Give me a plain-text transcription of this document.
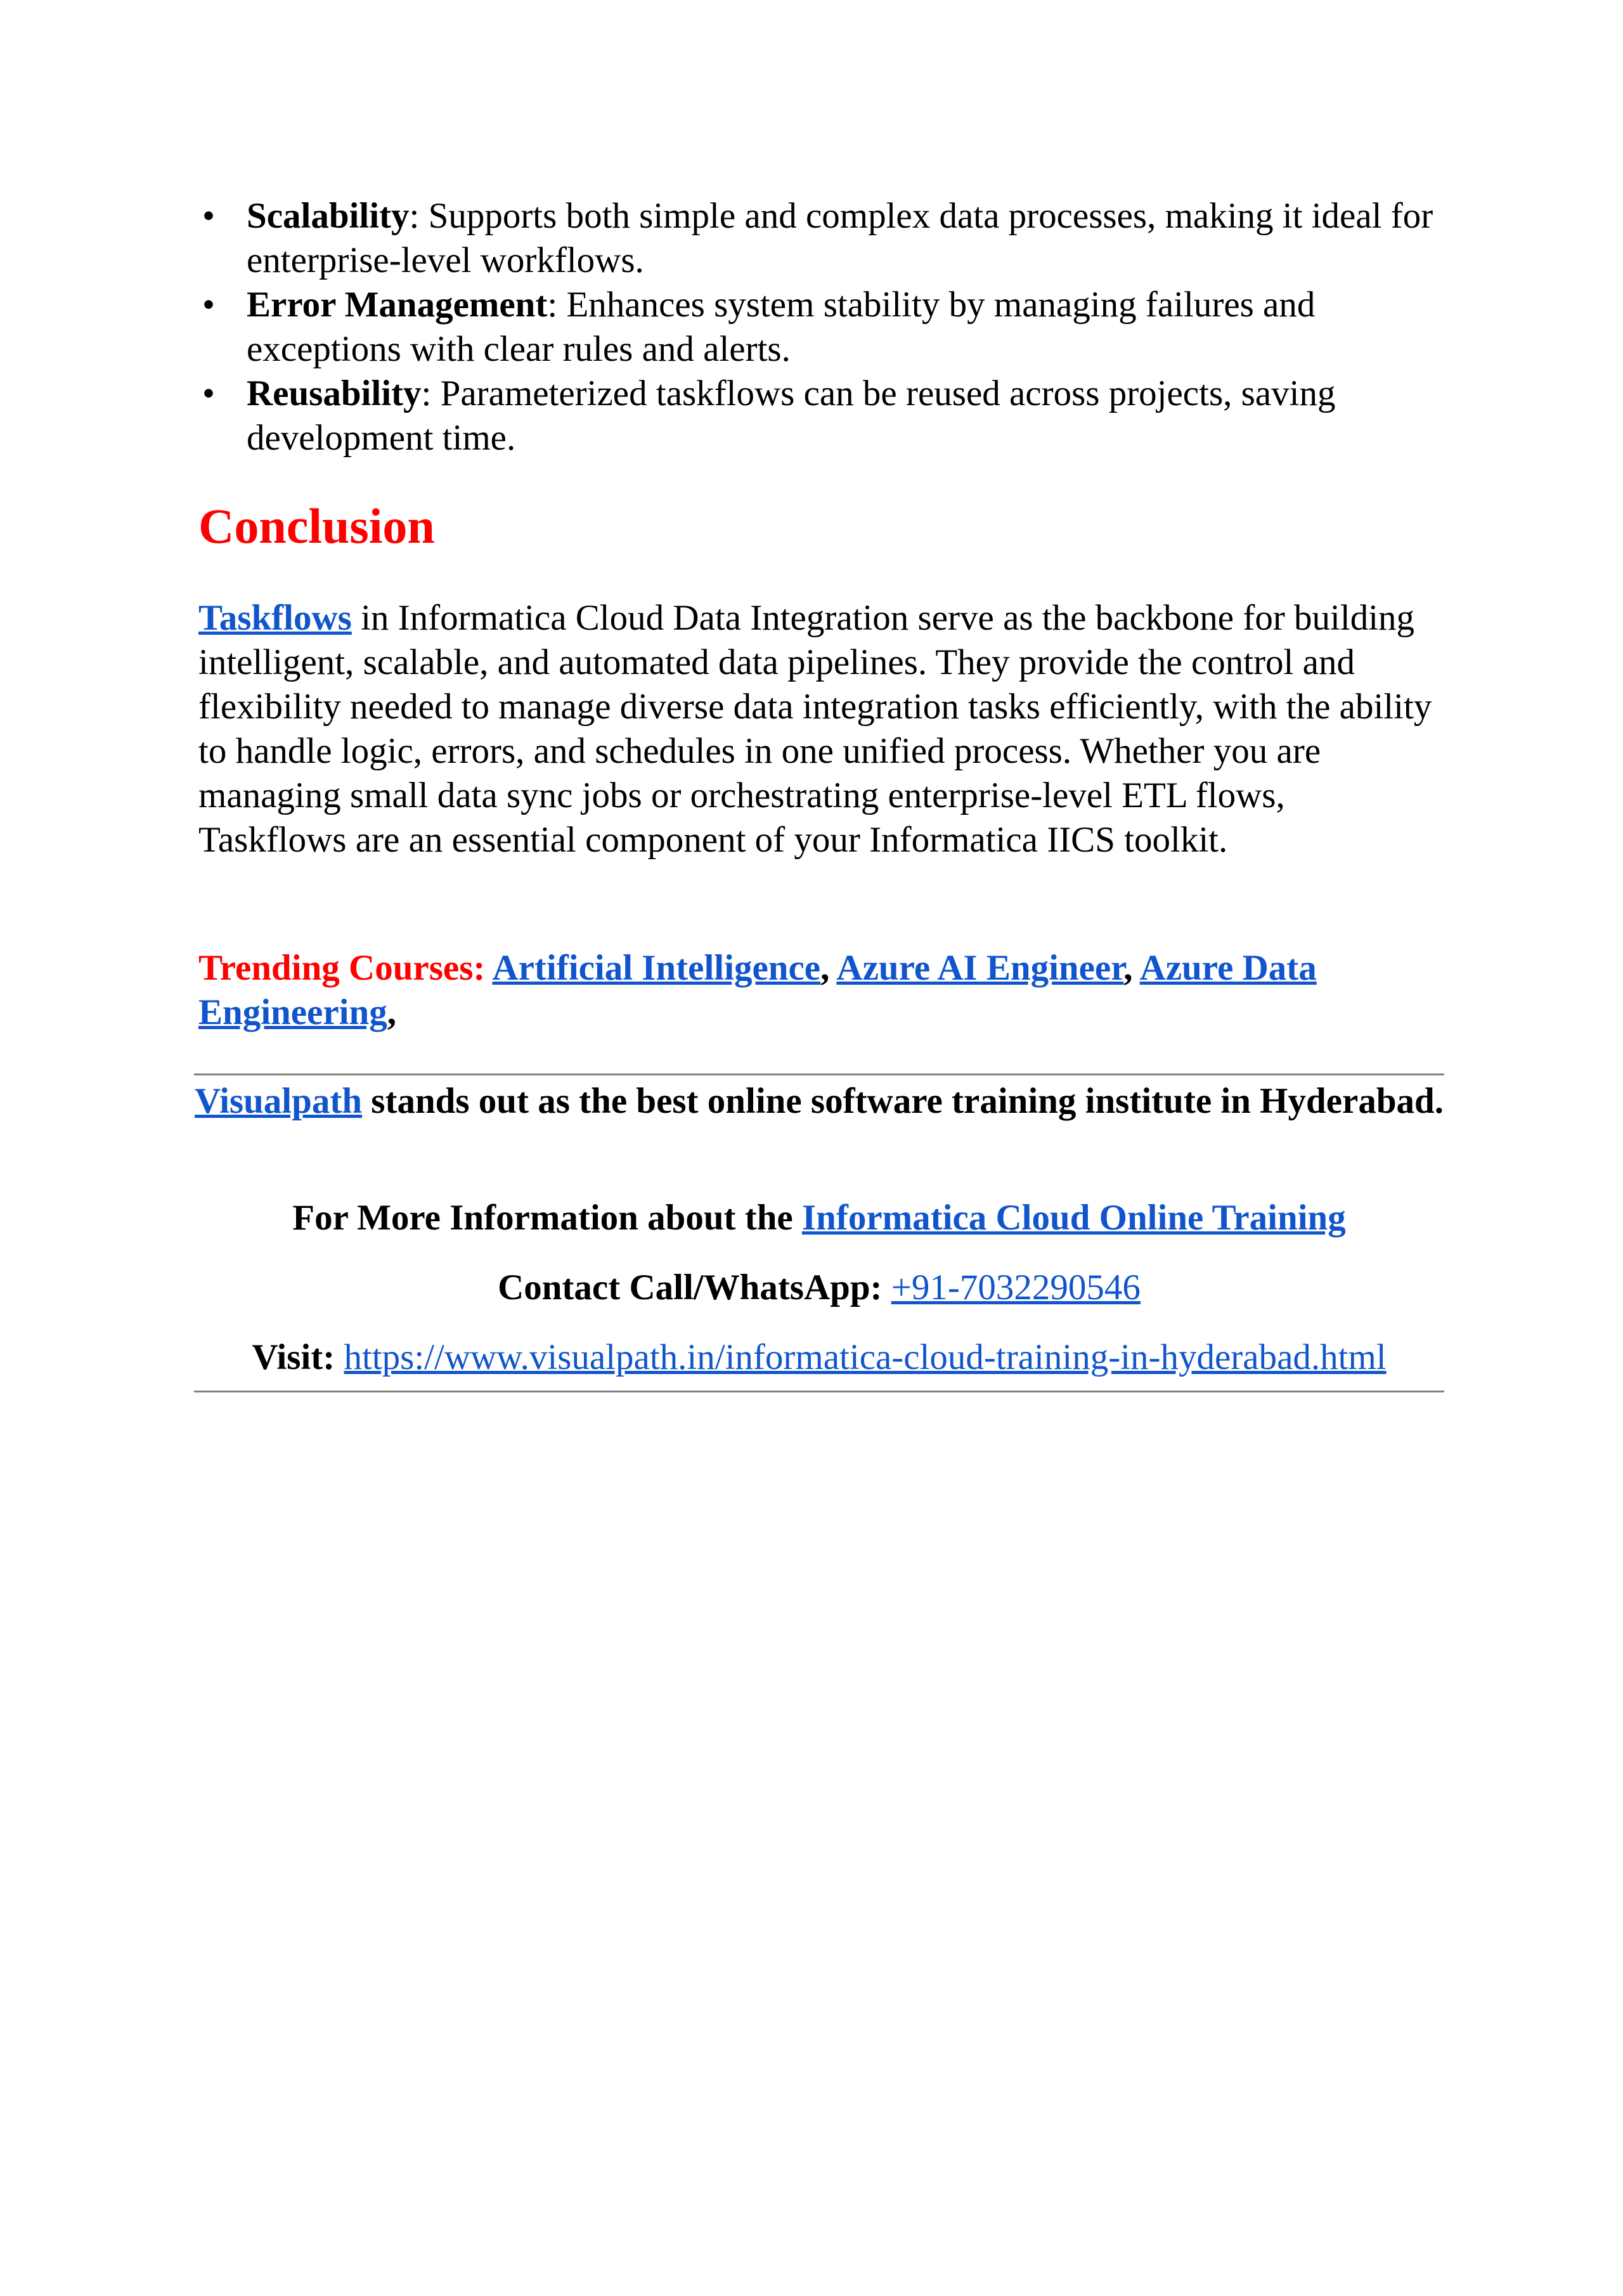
• Scalability: Supports both simple and complex data processes, making it ideal for enterprise-level workflows.
• Error Management: Enhances system stability by managing failures and exceptions with clear rules and alerts.
• Reusability: Parameterized taskflows can be reused across projects, saving development time.
Conclusion

Taskflows in Informatica Cloud Data Integration serve as the backbone for building intelligent, scalable, and automated data pipelines. They provide the control and flexibility needed to manage diverse data integration tasks efficiently, with the ability to handle logic, errors, and schedules in one unified process. Whether you are managing small data sync jobs or orchestrating enterprise-level ETL flows, Taskflows are an essential component of your Informatica IICS toolkit.

Trending Courses: Artificial Intelligence, Azure AI Engineer, Azure Data Engineering,

Visualpath stands out as the best online software training institute in Hyderabad.

For More Information about the Informatica Cloud Online Training

Contact Call/WhatsApp: +91-7032290546

Visit: https://www.visualpath.in/informatica-cloud-training-in-hyderabad.html
